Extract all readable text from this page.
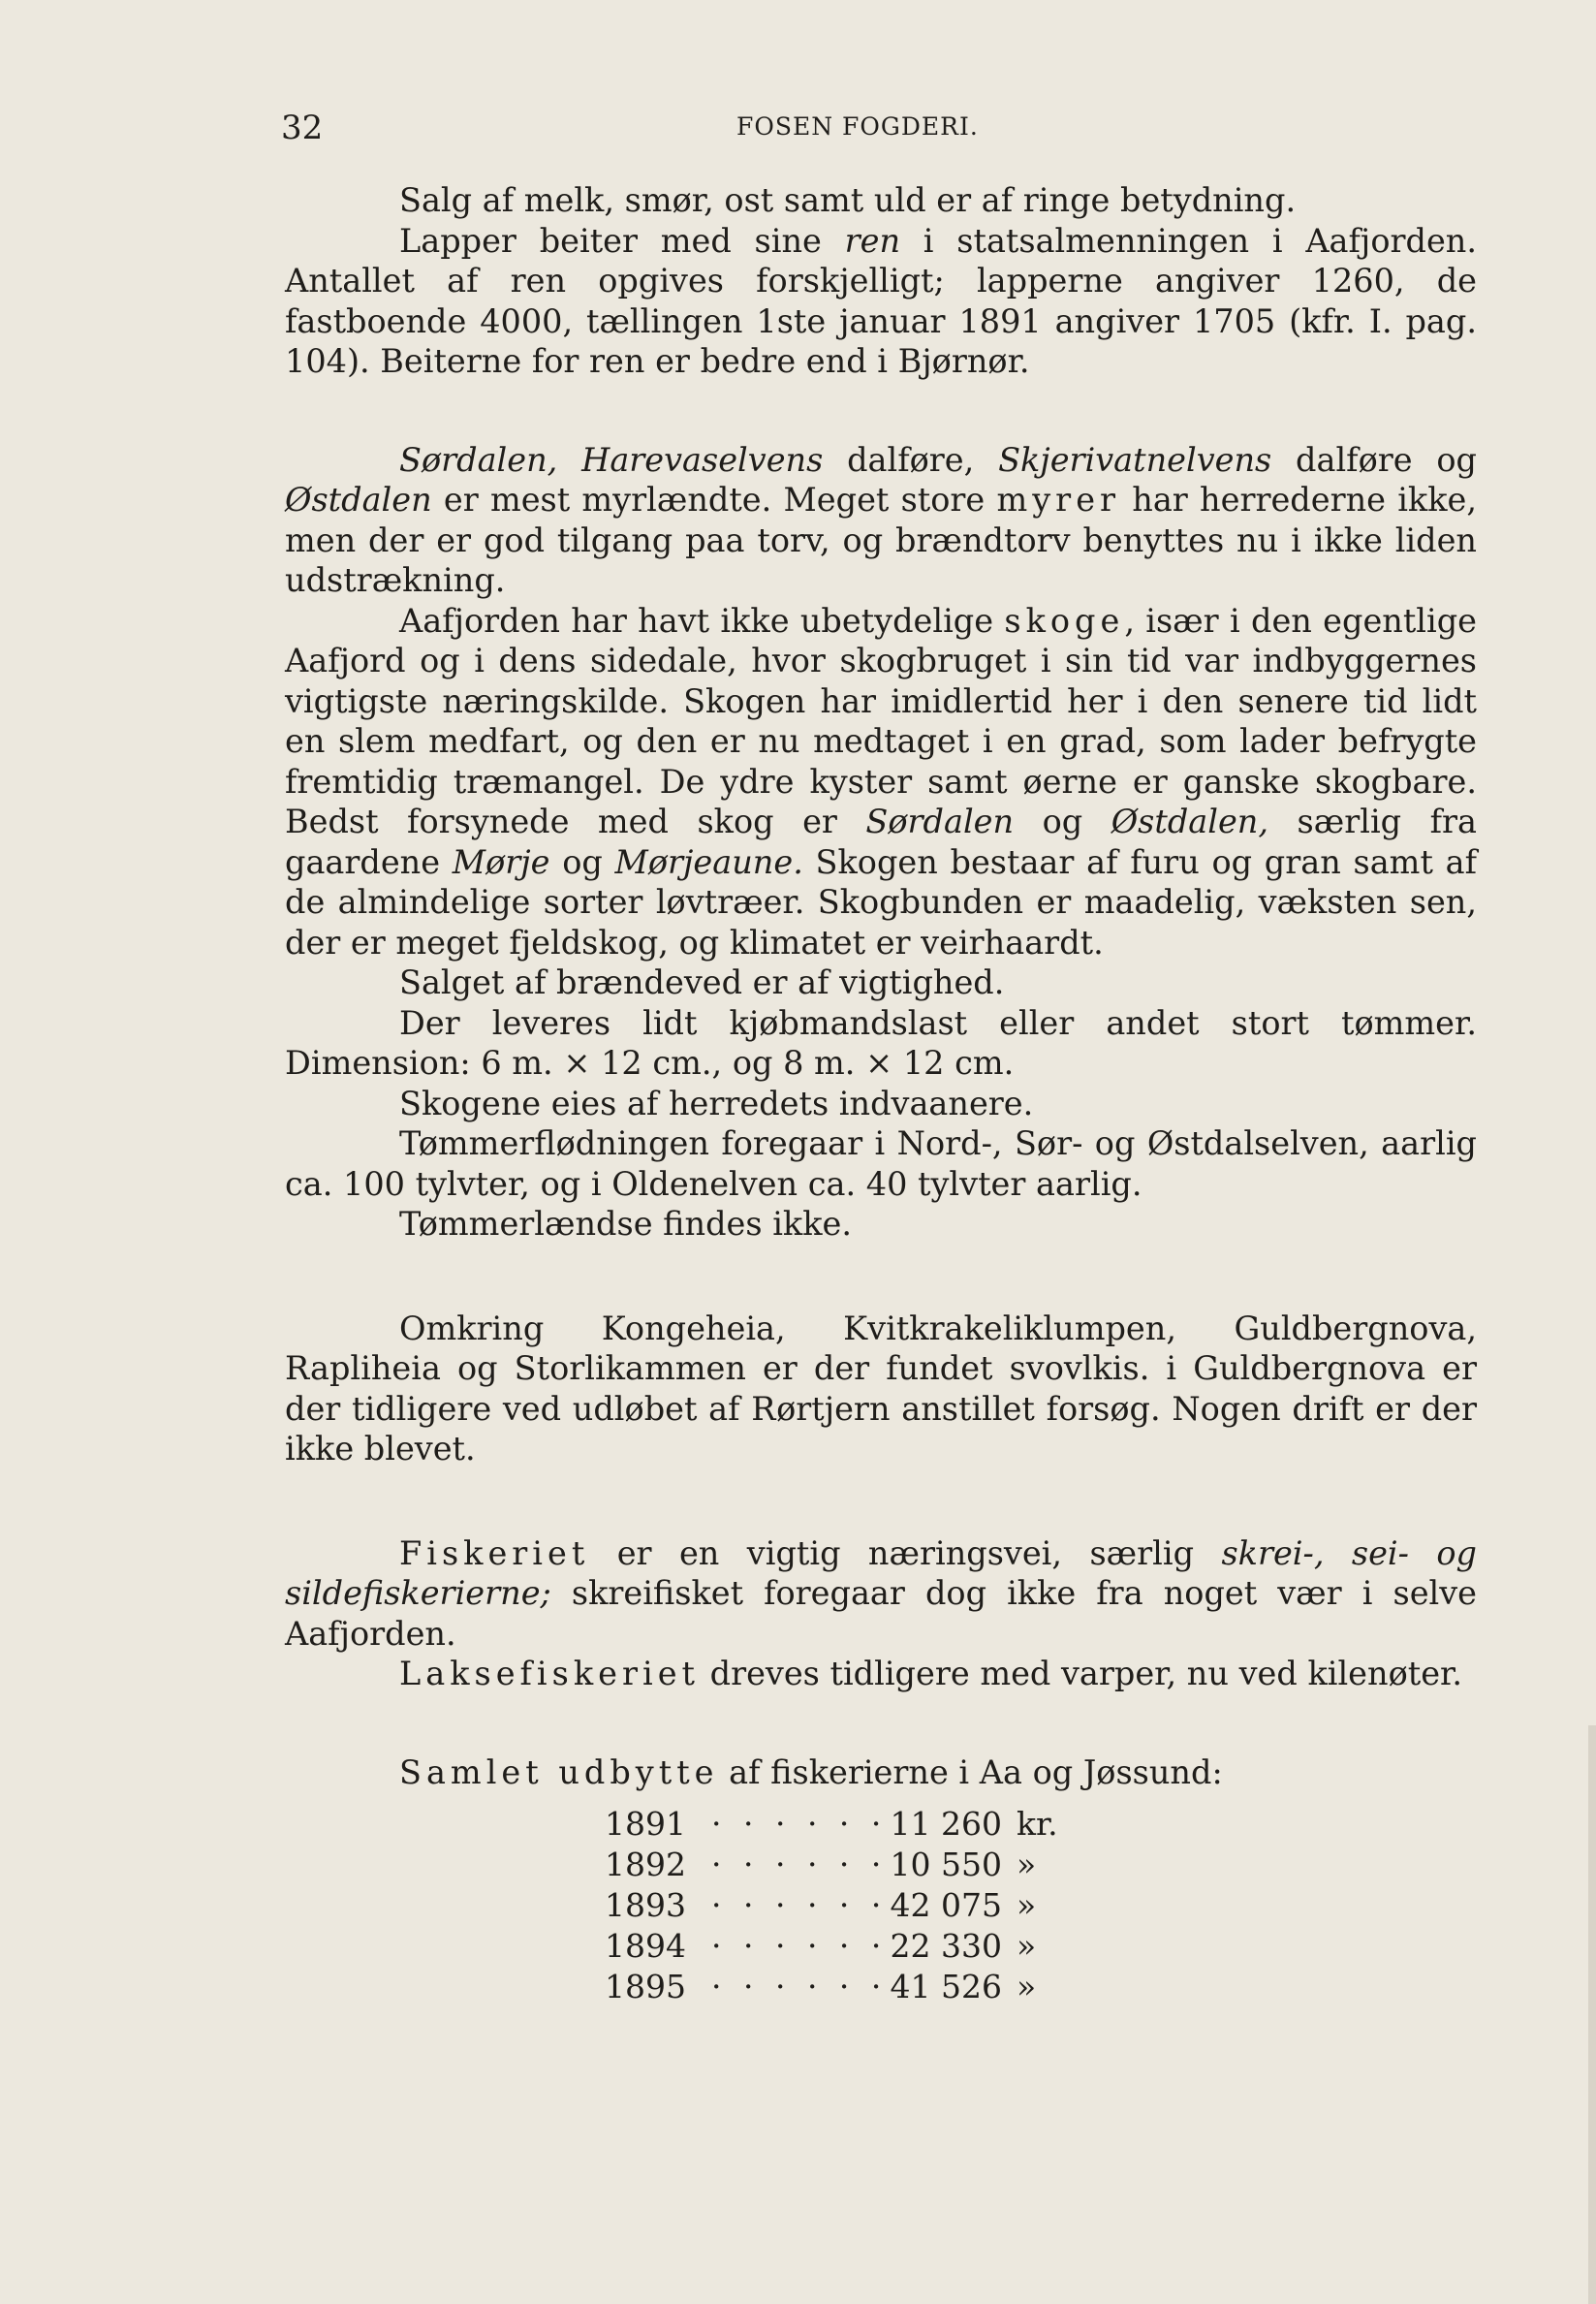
32	FOSEN FOGDERI.

Salg af melk, smør, ost samt uld er af ringe betydning.

Lapper beiter med sine ren i statsalmenningen i Aafjorden. Antallet af ren opgives forskjelligt; lapperne angiver 1260, de fastboende 4000, tællingen 1ste januar 1891 angiver 1705 (kfr. I. pag. 104). Beiterne for ren er bedre end i Bjørnør.

Sørdalen, Harevaselvens dalføre, Skjerivatnelvens dalføre og Østdalen er mest myrlændte. Meget store myrer har herrederne ikke, men der er god tilgang paa torv, og brændtorv benyttes nu i ikke liden udstrækning.

Aafjorden har havt ikke ubetydelige skoge, især i den egentlige Aafjord og i dens sidedale, hvor skogbruget i sin tid var indbyggernes vigtigste næringskilde. Skogen har imidlertid her i den senere tid lidt en slem medfart, og den er nu medtaget i en grad, som lader befrygte fremtidig træmangel. De ydre kyster samt øerne er ganske skogbare. Bedst forsynede med skog er Sørdalen og Østdalen, særlig fra gaardene Mørje og Mørjeaune. Skogen bestaar af furu og gran samt af de almindelige sorter løvtræer. Skogbunden er maadelig, væksten sen, der er meget fjeldskog, og klimatet er veirhaardt.

Salget af brændeved er af vigtighed.

Der leveres lidt kjøbmandslast eller andet stort tømmer. Dimension: 6 m. × 12 cm., og 8 m. × 12 cm.

Skogene eies af herredets indvaanere.

Tømmerflødningen foregaar i Nord-, Sør- og Østdalselven, aarlig ca. 100 tylvter, og i Oldenelven ca. 40 tylvter aarlig.

Tømmerlændse findes ikke.

Omkring Kongeheia, Kvitkrakeliklumpen, Guldbergnova, Rapliheia og Storlikammen er der fundet svovlkis. i Guldbergnova er der tidligere ved udløbet af Rørtjern anstillet forsøg. Nogen drift er der ikke blevet.

Fiskeriet er en vigtig næringsvei, særlig skrei-, sei- og sildefiskerierne; skreifisket foregaar dog ikke fra noget vær i selve Aafjorden.

Laksefiskeriet dreves tidligere med varper, nu ved kilenøter.

Samlet udbytte af fiskerierne i Aa og Jøssund:

1891 · · · · · · 11 260 kr.
1892 · · · · · · 10 550 »
1893 · · · · · · 42 075 »
1894 · · · · · · 22 330 »
1895 · · · · · · 41 526 »
